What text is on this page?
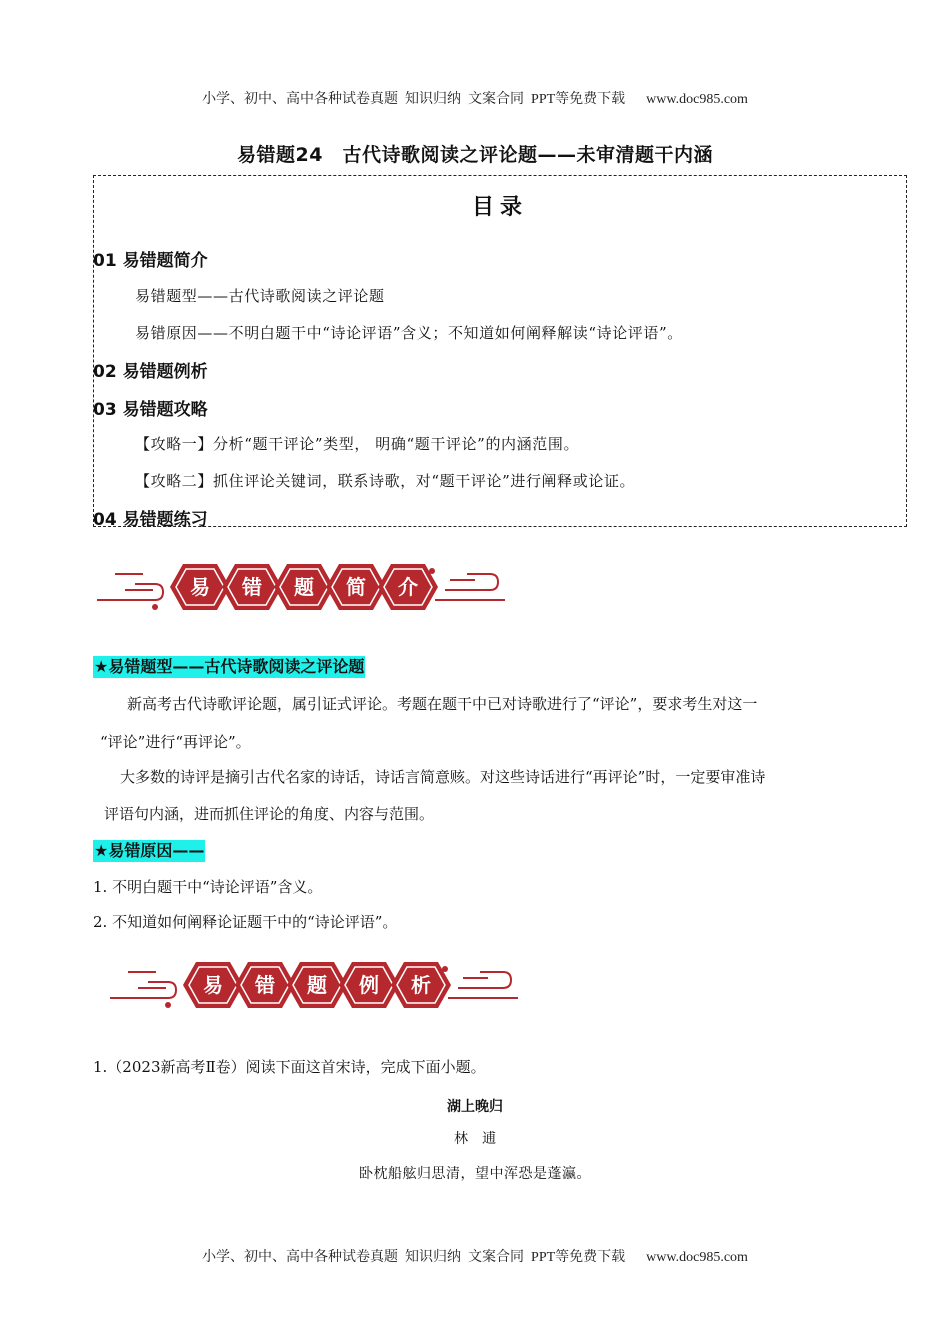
小学、初中、高中各种试卷真题  知识归纳  文案合同  PPT等免费下载      www.doc985.com
易错题24　古代诗歌阅读之评论题——未审清题干内涵
目录
01 易错题简介
易错题型——古代诗歌阅读之评论题
易错原因——不明白题干中“诗论评语”含义；不知道如何阐释解读“诗论评语”。
02 易错题例析
03 易错题攻略
【攻略一】分析“题干评论”类型， 明确“题干评论”的内涵范围。
【攻略二】抓住评论关键词，联系诗歌，对“题干评论”进行阐释或论证。
04 易错题练习
易 错 题 简 介
★易错题型——古代诗歌阅读之评论题
新高考古代诗歌评论题，属引证式评论。考题在题干中已对诗歌进行了“评论”，要求考生对这一
“评论”进行“再评论”。
大多数的诗评是摘引古代名家的诗话，诗话言简意赅。对这些诗话进行“再评论”时，一定要审准诗
评语句内涵，进而抓住评论的角度、内容与范围。
★易错原因——
1. 不明白题干中“诗论评语”含义。
2. 不知道如何阐释论证题干中的“诗论评语”。
易 错 题 例 析
1.（2023新高考Ⅱ卷）阅读下面这首宋诗，完成下面小题。
湖上晚归
林　逋
卧枕船舷归思清，望中浑恐是蓬瀛。
小学、初中、高中各种试卷真题  知识归纳  文案合同  PPT等免费下载      www.doc985.com
